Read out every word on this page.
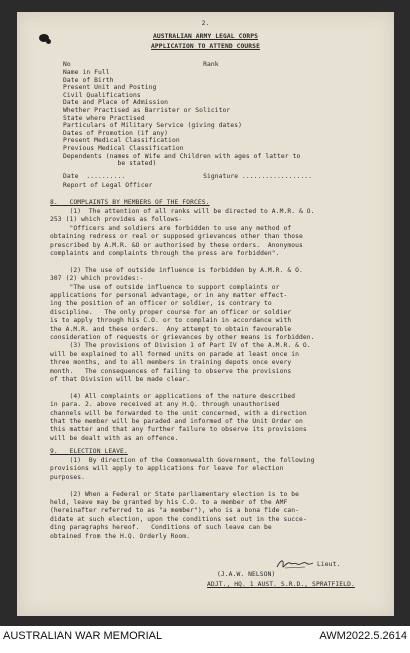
2.
AUSTRALIAN ARMY LEGAL CORPS
APPLICATION TO ATTEND COURSE
No                                  Rank
Name in Full
Date of Birth
Present Unit and Posting
Civil Qualifications
Date and Place of Admission
Whether Practised as Barrister or Solicitor
State where Practised
Particulars of Military Service (giving dates)
Dates of Promotion (if any)
Present Medical Classification
Previous Medical Classification
Dependents (names of Wife and Children with ages of latter to
be stated)
Date  ..........                    Signature ..................
Report of Legal Officer
8.   COMPLAINTS BY MEMBERS OF THE FORCES.
(1)  The attention of all ranks will be directed to A.M.R. & O.
253 (1) which provides as follows-
"Officers and soldiers are forbidden to use any method of
obtaining redress or real or supposed grievances other than those
prescribed by A.M.R. &O or authorised by these orders.  Anonymous
complaints and complaints through the press are forbidden".
(2) The use of outside influence is forbidden by A.M.R. & O.
307 (2) which provides:-
"The use of outside influence to support complaints or
applications for personal advantage, or in any matter effect-
ing the position of an officer or soldier, is contrary to
discipline.   The only proper course for an officer or soldier
is to apply through his C.O. or to complain in accordance with
the A.M.R. and these orders.  Any attempt to obtain favourable
consideration of requests or grievances by other means is forbidden.
(3) The provisions of Division 1 of Part IV of the A.M.R. & O.
will be explained to all formed units on parade at least once in
three months, and to all members in training depots once every
month.   The consequences of failing to observe the provisions
of that Division will be made clear.
(4) All complaints or applications of the nature described
in para. 2. above received at any H.Q. through unauthorised
channels will be forwarded to the unit concerned, with a direction
that the member will be paraded and informed of the Unit Order on
this matter and that any further failure to observe its provisions
will be dealt with as an offence.
9.   ELECTION LEAVE.
(1)  By direction of the Commonwealth Government, the following
provisions will apply to applications for leave for election
purposes.
(2) When a Federal or State parliamentary election is to be
held, leave may be granted by his C.O. to a member of the AMF
(hereinafter referred to as "a member"), who is a bona fide can-
didate at such election, upon the conditions set out in the succe-
ding paragraphs hereof.   Conditions of such leave can be
obtained from the H.Q. Orderly Room.
Lieut.
(J.A.W. NELSON)
ADJT., HQ. 1 AUST. S.R.D., SPRATFIELD.
AUSTRALIAN WAR MEMORIAL	AWM2022.5.2614
